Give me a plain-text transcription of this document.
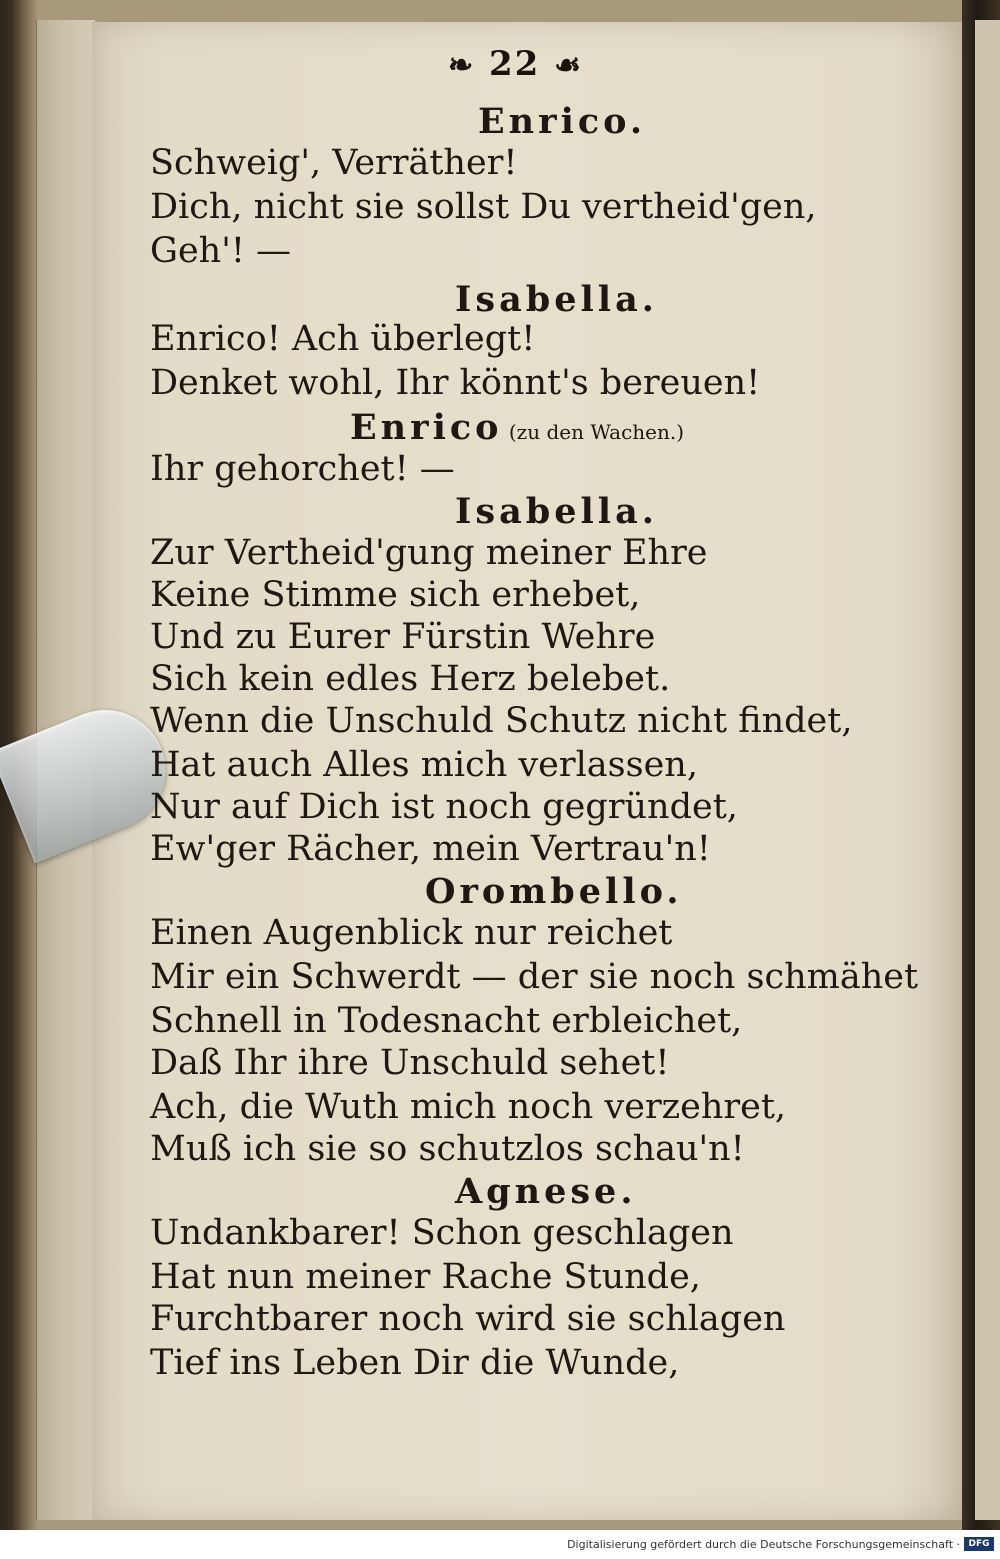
❧ 22 ☙
Digitalisierung gefördert durch die Deutsche Forschungsgemeinschaft · DFG
Enrico.
Schweig', Verräther!
Dich, nicht sie sollst Du vertheid'gen,
Geh'! —
Isabella.
Enrico! Ach überlegt!
Denket wohl, Ihr könnt's bereuen!
Enrico (zu den Wachen.)
Ihr gehorchet! —
Isabella.
Zur Vertheid'gung meiner Ehre
Keine Stimme sich erhebet,
Und zu Eurer Fürstin Wehre
Sich kein edles Herz belebet.
Wenn die Unschuld Schutz nicht findet,
Hat auch Alles mich verlassen,
Nur auf Dich ist noch gegründet,
Ew'ger Rächer, mein Vertrau'n!
Orombello.
Einen Augenblick nur reichet
Mir ein Schwerdt — der sie noch schmähet
Schnell in Todesnacht erbleichet,
Daß Ihr ihre Unschuld sehet!
Ach, die Wuth mich noch verzehret,
Muß ich sie so schutzlos schau'n!
Agnese.
Undankbarer! Schon geschlagen
Hat nun meiner Rache Stunde,
Furchtbarer noch wird sie schlagen
Tief ins Leben Dir die Wunde,
